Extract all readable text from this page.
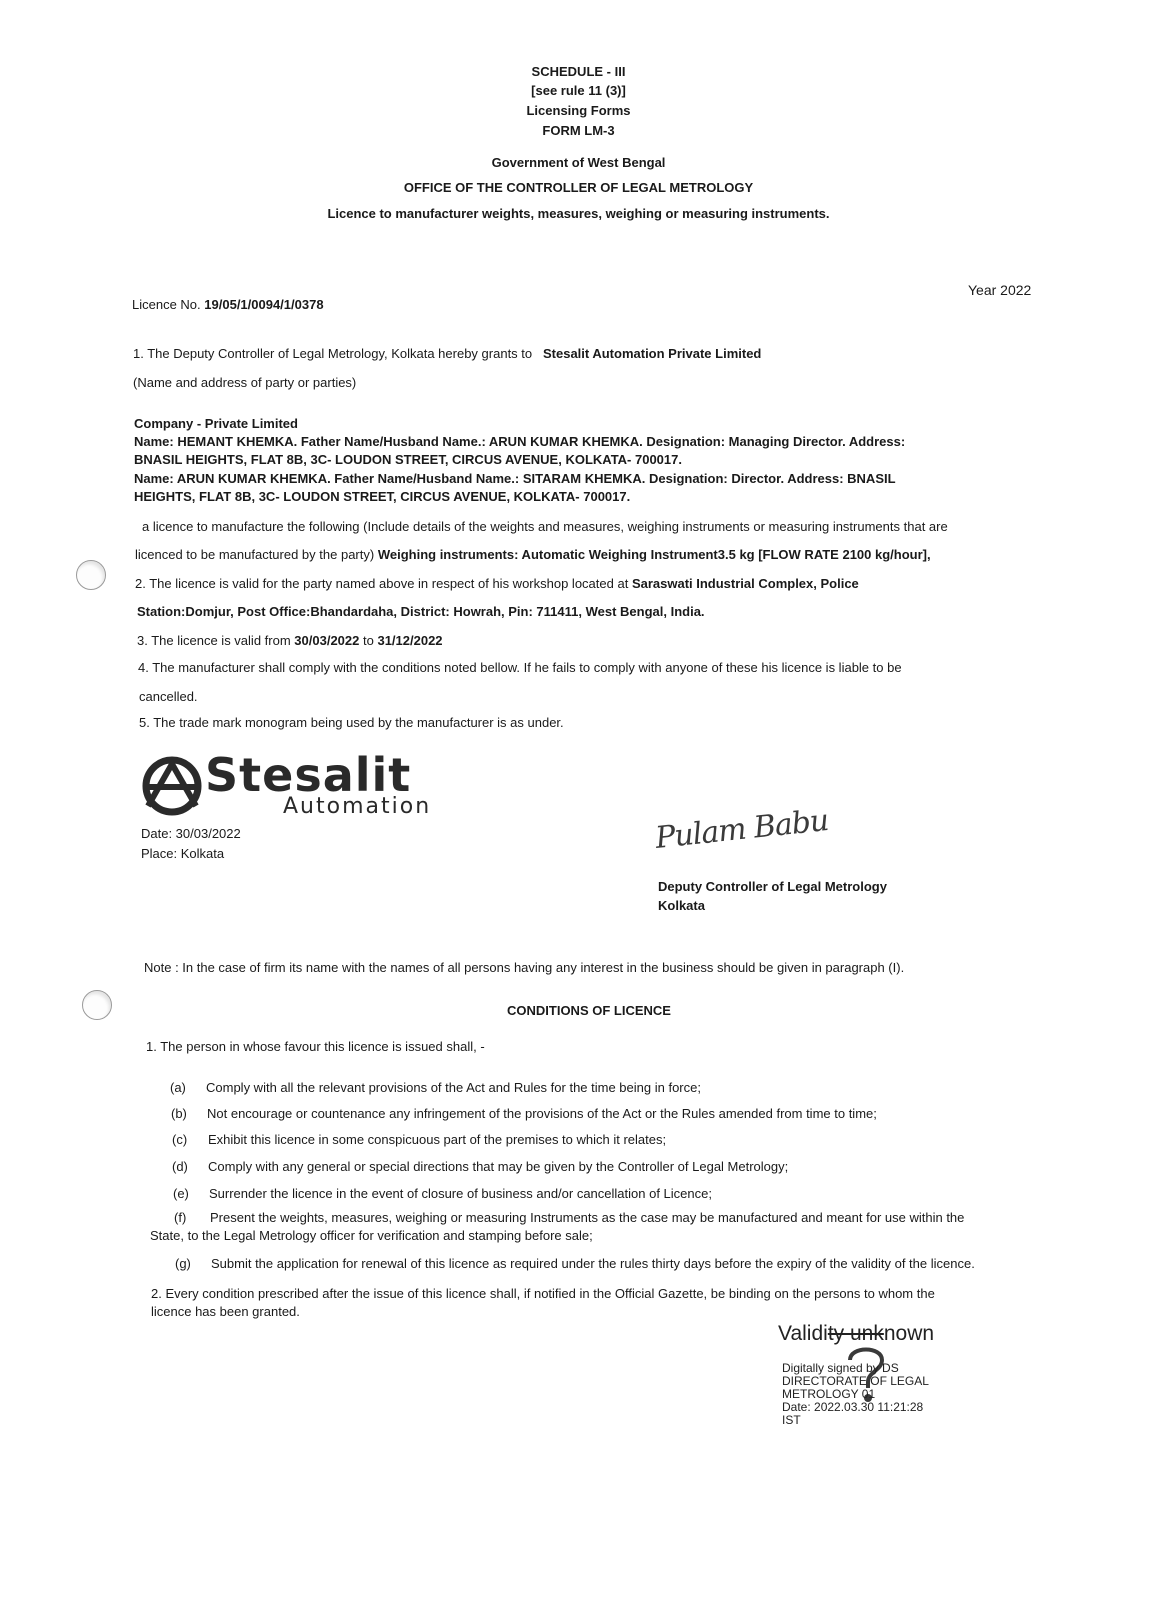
SCHEDULE - III
[see rule 11 (3)]
Licensing Forms
FORM LM-3
Government of West Bengal
OFFICE OF THE CONTROLLER OF LEGAL METROLOGY
Licence to manufacturer weights, measures, weighing or measuring instruments.
Licence No. 19/05/1/0094/1/0378
Year 2022
1. The Deputy Controller of Legal Metrology, Kolkata hereby grants to Stesalit Automation Private Limited
(Name and address of party or parties)
Company - Private Limited
Name: HEMANT KHEMKA. Father Name/Husband Name.: ARUN KUMAR KHEMKA. Designation: Managing Director. Address:
BNASIL HEIGHTS, FLAT 8B, 3C- LOUDON STREET, CIRCUS AVENUE, KOLKATA- 700017.
Name: ARUN KUMAR KHEMKA. Father Name/Husband Name.: SITARAM KHEMKA. Designation: Director. Address: BNASIL
HEIGHTS, FLAT 8B, 3C- LOUDON STREET, CIRCUS AVENUE, KOLKATA- 700017.
a licence to manufacture the following (Include details of the weights and measures, weighing instruments or measuring instruments that are
licenced to be manufactured by the party) Weighing instruments: Automatic Weighing Instrument3.5 kg [FLOW RATE 2100 kg/hour],
2. The licence is valid for the party named above in respect of his workshop located at Saraswati Industrial Complex, Police
Station:Domjur, Post Office:Bhandardaha, District: Howrah, Pin: 711411, West Bengal, India.
3. The licence is valid from 30/03/2022 to 31/12/2022
4. The manufacturer shall comply with the conditions noted bellow. If he fails to comply with anyone of these his licence is liable to be
cancelled.
5. The trade mark monogram being used by the manufacturer is as under.
Stesalit
Automation
Date: 30/03/2022
Place: Kolkata	Pulam Babu
Deputy Controller of Legal Metrology
Kolkata
Note : In the case of firm its name with the names of all persons having any interest in the business should be given in paragraph (I).
CONDITIONS OF LICENCE
1. The person in whose favour this licence is issued shall, -
(a) Comply with all the relevant provisions of the Act and Rules for the time being in force;
(b) Not encourage or countenance any infringement of the provisions of the Act or the Rules amended from time to time;
(c) Exhibit this licence in some conspicuous part of the premises to which it relates;
(d) Comply with any general or special directions that may be given by the Controller of Legal Metrology;
(e) Surrender the licence in the event of closure of business and/or cancellation of Licence;
(f) Present the weights, measures, weighing or measuring Instruments as the case may be manufactured and meant for use within the
State, to the Legal Metrology officer for verification and stamping before sale;
(g) Submit the application for renewal of this licence as required under the rules thirty days before the expiry of the validity of the licence.
2. Every condition prescribed after the issue of this licence shall, if notified in the Official Gazette, be binding on the persons to whom the
licence has been granted.
Validity unknown
Digitally signed by DS
DIRECTORATE OF LEGAL
METROLOGY 01
Date: 2022.03.30 11:21:28
IST
